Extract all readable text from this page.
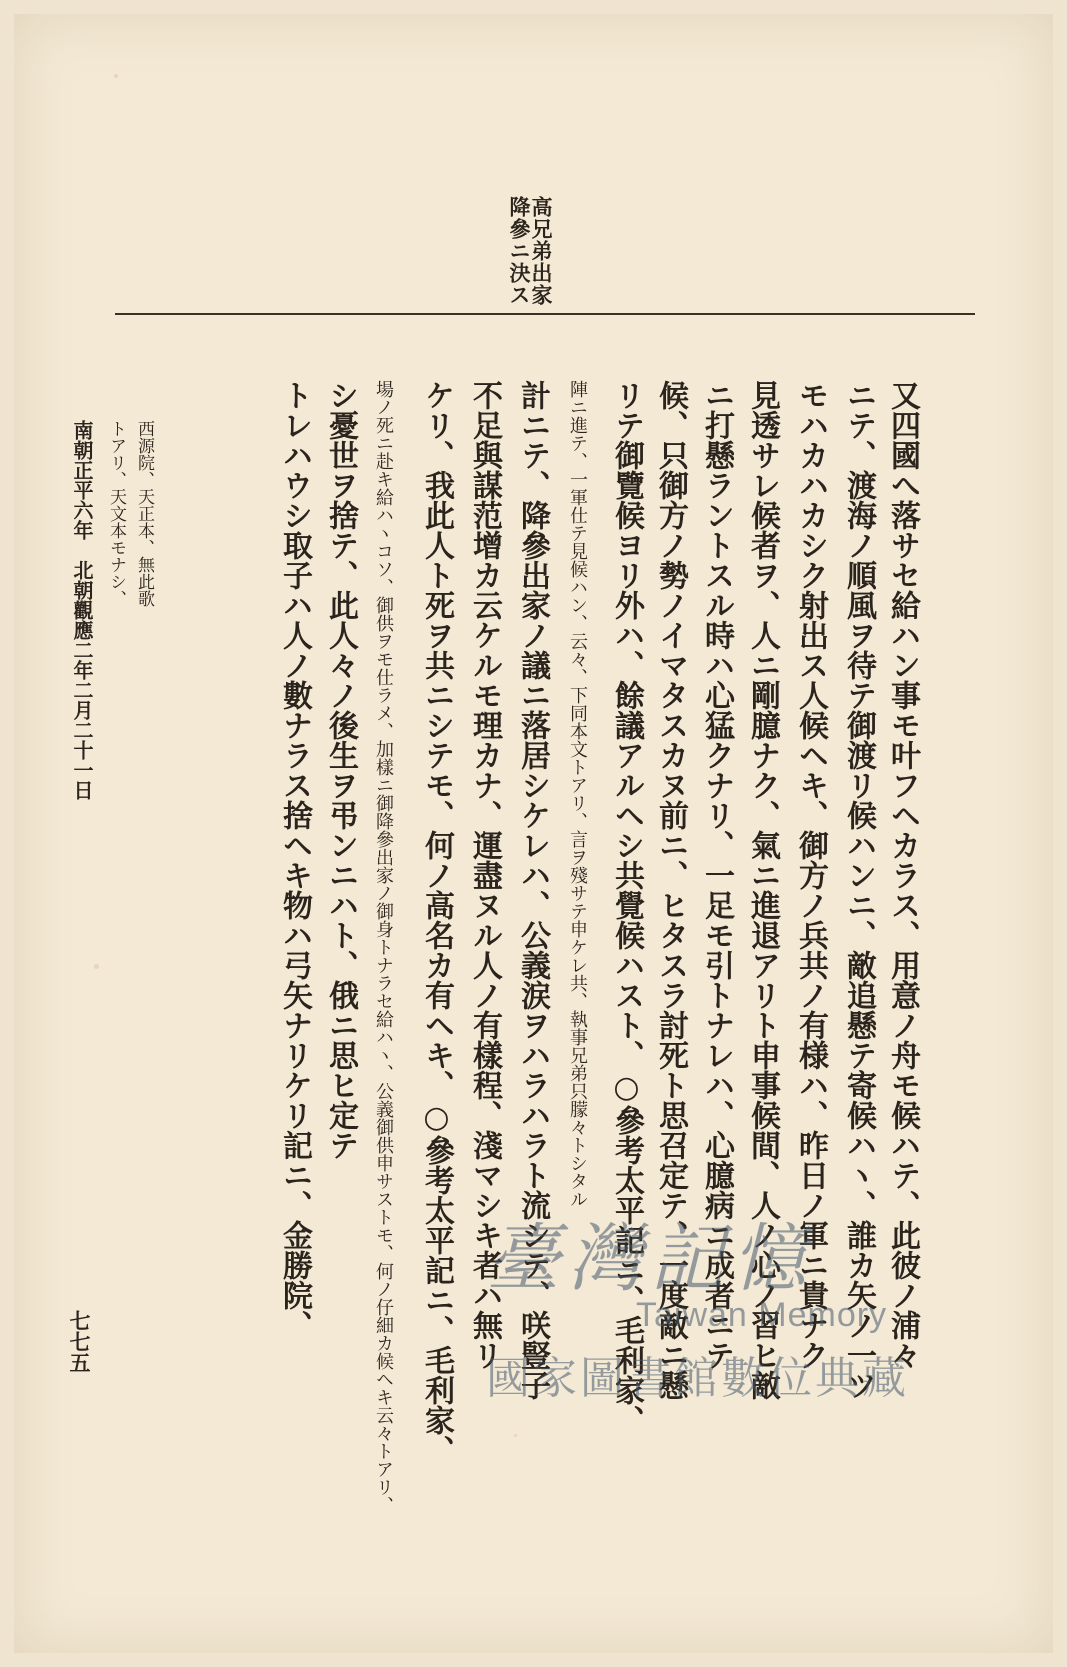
高兄弟出家降參ニ決ス
又四國へ落サセ給ハン事モ叶フヘカラス、用意ノ舟モ候ハテ、此彼ノ浦々
ニテ、渡海ノ順風ヲ待テ御渡リ候ハンニ、敵追懸テ寄候ハヽ、誰カ矢ノ一ツ
モハカハカシク射出ス人候ヘキ、御方ノ兵共ノ有様ハ、昨日ノ軍ニ貴ナク
見透サレ候者ヲ、人ニ剛臆ナク、氣ニ進退アリト申事候間、人ノ心ノ習ヒ敵
ニ打懸ラントスル時ハ心猛クナリ、一足モ引トナレハ、心臆病ニ成者ニテ
候、只御方ノ勢ノイマタスカヌ前ニ、ヒタスラ討死ト思召定テ、一度敵ニ懸
リテ御覽候ヨリ外ハ、餘議アルヘシ共覺候ハスト、○參考太平記ニ、毛利家、
陣ニ進テ、一軍仕テ見候ハン、云々、下同本文トアリ、言ヲ殘サテ申ケレ共、執事兄弟只朦々トシタル
計ニテ、降參出家ノ議ニ落居シケレハ、公義涙ヲハラハラト流シテ、咲豎子
不足與謀范增カ云ケルモ理カナ、運盡ヌル人ノ有樣程、淺マシキ者ハ無リ
ケリ、我此人ト死ヲ共ニシテモ、何ノ高名カ有ヘキ、○參考太平記ニ、毛利家、
場ノ死ニ赴キ給ハヽコソ、御供ヲモ仕ラメ、加樣ニ御降參出家ノ御身トナラセ給ハヽ、公義御供申サストモ、何ノ仔細カ候ヘキ云々トアリ、
シ憂世ヲ捨テ、此人々ノ後生ヲ弔ンニハト、俄ニ思ヒ定テ
トレハウシ取子ハ人ノ數ナラス捨ヘキ物ハ弓矢ナリケリ記ニ、金勝院、
西源院、天正本、無此歌
トアリ、天文本モナシ、
南朝正平六年　北朝觀應二年二月二十一日
七七五
臺灣記憶
Taiwan Memory
國家圖書館數位典藏
